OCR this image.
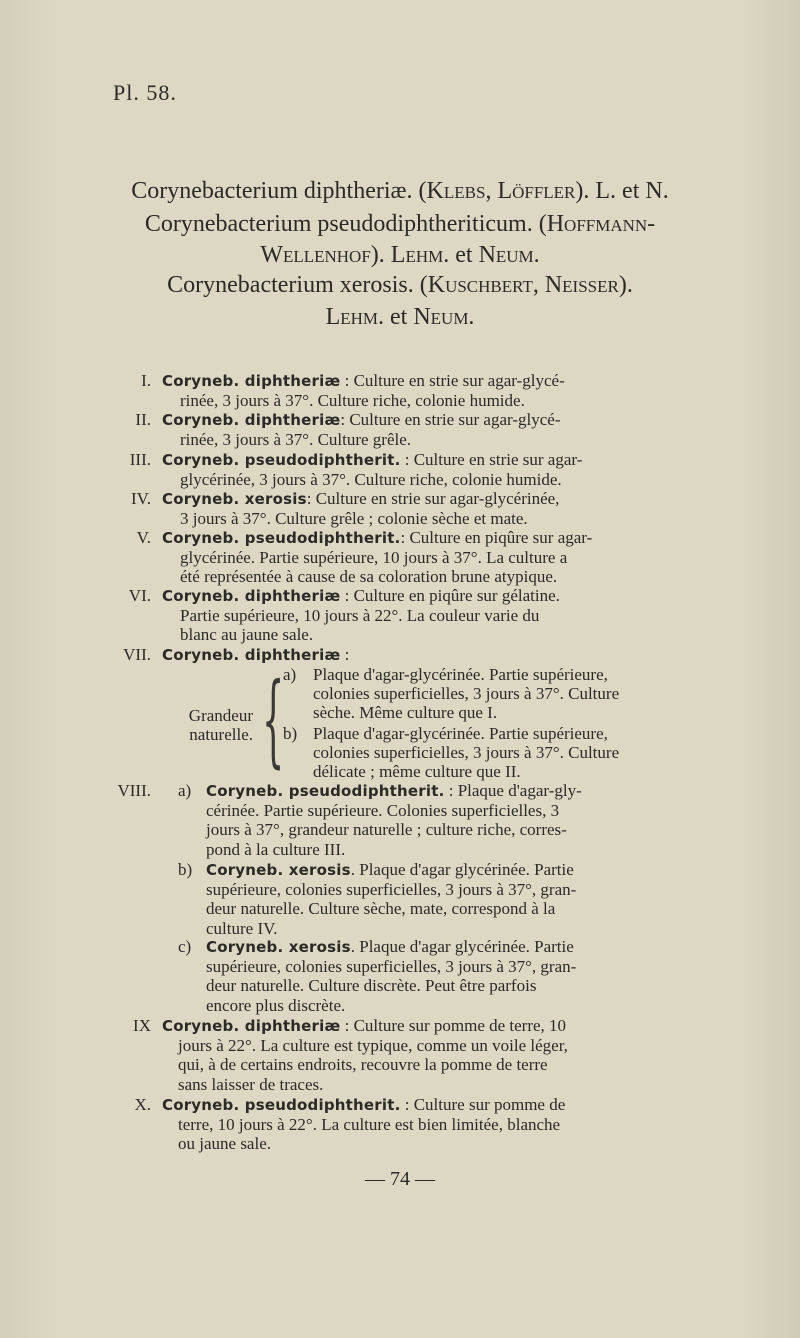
Pl. 58.
Corynebacterium diphtheriæ. (Klebs, Löffler). L. et N.
Corynebacterium pseudodiphtheriticum. (Hoffmann-
Wellenhof). Lehm. et Neum.
Corynebacterium xerosis. (Kuschbert, Neisser).
Lehm. et Neum.
I. Coryneb. diphtheriæ : Culture en strie sur agar-glycé-
rinée, 3 jours à 37°. Culture riche, colonie humide.
II. Coryneb. diphtheriæ: Culture en strie sur agar-glycé-
rinée, 3 jours à 37°. Culture grêle.
III. Coryneb. pseudodiphtherit. : Culture en strie sur agar-
glycérinée, 3 jours à 37°. Culture riche, colonie humide.
IV. Coryneb. xerosis: Culture en strie sur agar-glycérinée,
3 jours à 37°. Culture grêle ; colonie sèche et mate.
V. Coryneb. pseudodiphtherit.: Culture en piqûre sur agar-
glycérinée. Partie supérieure, 10 jours à 37°. La culture a
été représentée à cause de sa coloration brune atypique.
VI. Coryneb. diphtheriæ : Culture en piqûre sur gélatine.
Partie supérieure, 10 jours à 22°. La couleur varie du
blanc au jaune sale.
VII. Coryneb. diphtheriæ :
Grandeur
naturelle. {
a) Plaque d'agar-glycérinée. Partie supérieure,
colonies superficielles, 3 jours à 37°. Culture
sèche. Même culture que I.
b) Plaque d'agar-glycérinée. Partie supérieure,
colonies superficielles, 3 jours à 37°. Culture
délicate ; même culture que II.
VIII. a) Coryneb. pseudodiphtherit. : Plaque d'agar-gly-
cérinée. Partie supérieure. Colonies superficielles, 3
jours à 37°, grandeur naturelle ; culture riche, corres-
pond à la culture III.
b) Coryneb. xerosis. Plaque d'agar glycérinée. Partie
supérieure, colonies superficielles, 3 jours à 37°, gran-
deur naturelle. Culture sèche, mate, correspond à la
culture IV.
c) Coryneb. xerosis. Plaque d'agar glycérinée. Partie
supérieure, colonies superficielles, 3 jours à 37°, gran-
deur naturelle. Culture discrète. Peut être parfois
encore plus discrète.
IX Coryneb. diphtheriæ : Culture sur pomme de terre, 10
jours à 22°. La culture est typique, comme un voile léger,
qui, à de certains endroits, recouvre la pomme de terre
sans laisser de traces.
X. Coryneb. pseudodiphtherit. : Culture sur pomme de
terre, 10 jours à 22°. La culture est bien limitée, blanche
ou jaune sale.
— 74 —
